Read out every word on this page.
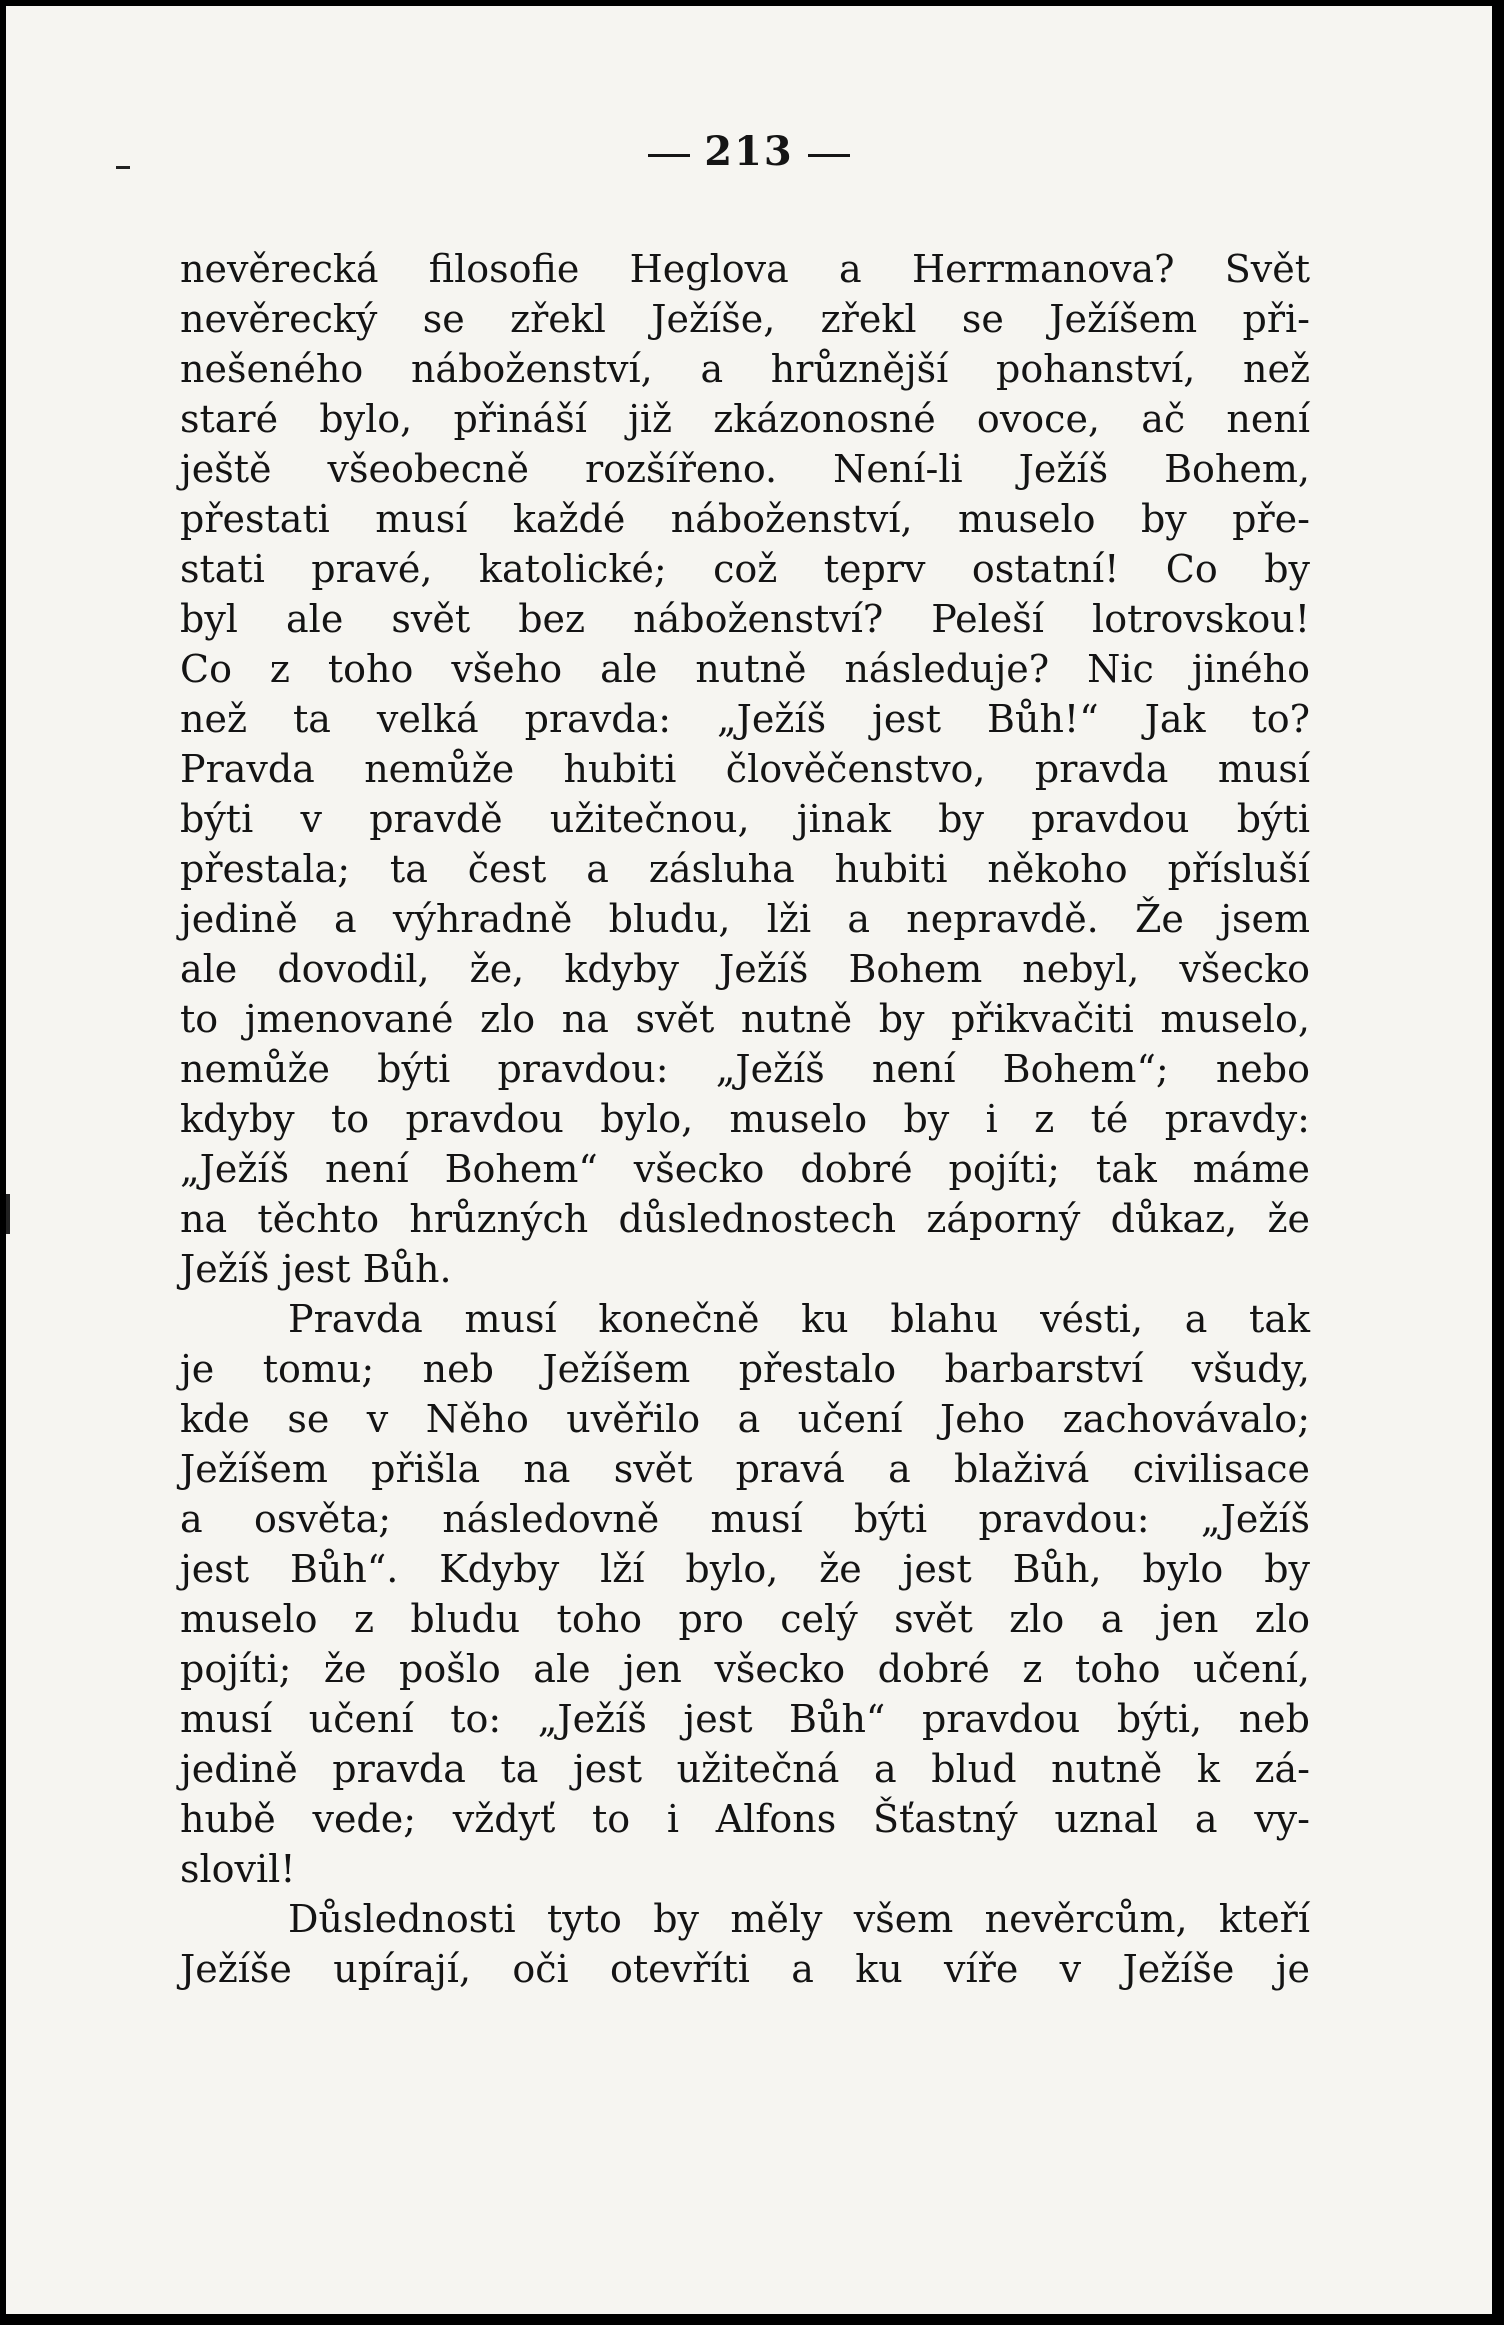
213
nevěrecká filosofie Heglova a Herrmanova? Svět
nevěrecký se zřekl Ježíše, zřekl se Ježíšem při-
nešeného náboženství, a hrůznější pohanství, než
staré bylo, přináší již zkázonosné ovoce, ač není
ještě všeobecně rozšířeno. Není-li Ježíš Bohem,
přestati musí každé náboženství, muselo by pře-
stati pravé, katolické; což teprv ostatní! Co by
byl ale svět bez náboženství? Peleší lotrovskou!
Co z toho všeho ale nutně následuje? Nic jiného
než ta velká pravda: „Ježíš jest Bůh!“ Jak to?
Pravda nemůže hubiti člověčenstvo, pravda musí
býti v pravdě užitečnou, jinak by pravdou býti
přestala; ta čest a zásluha hubiti někoho přísluší
jedině a výhradně bludu, lži a nepravdě. Že jsem
ale dovodil, že, kdyby Ježíš Bohem nebyl, všecko
to jmenované zlo na svět nutně by přikvačiti muselo,
nemůže býti pravdou: „Ježíš není Bohem“; nebo
kdyby to pravdou bylo, muselo by i z té pravdy:
„Ježíš není Bohem“ všecko dobré pojíti; tak máme
na těchto hrůzných důslednostech záporný důkaz, že
Ježíš jest Bůh.
Pravda musí konečně ku blahu vésti, a tak
je tomu; neb Ježíšem přestalo barbarství všudy,
kde se v Něho uvěřilo a učení Jeho zachovávalo;
Ježíšem přišla na svět pravá a blaživá civilisace
a osvěta; následovně musí býti pravdou: „Ježíš
jest Bůh“. Kdyby lží bylo, že jest Bůh, bylo by
muselo z bludu toho pro celý svět zlo a jen zlo
pojíti; že pošlo ale jen všecko dobré z toho učení,
musí učení to: „Ježíš jest Bůh“ pravdou býti, neb
jedině pravda ta jest užitečná a blud nutně k zá-
hubě vede; vždyť to i Alfons Šťastný uznal a vy-
slovil!
Důslednosti tyto by měly všem nevěrcům, kteří
Ježíše upírají, oči otevříti a ku víře v Ježíše je
